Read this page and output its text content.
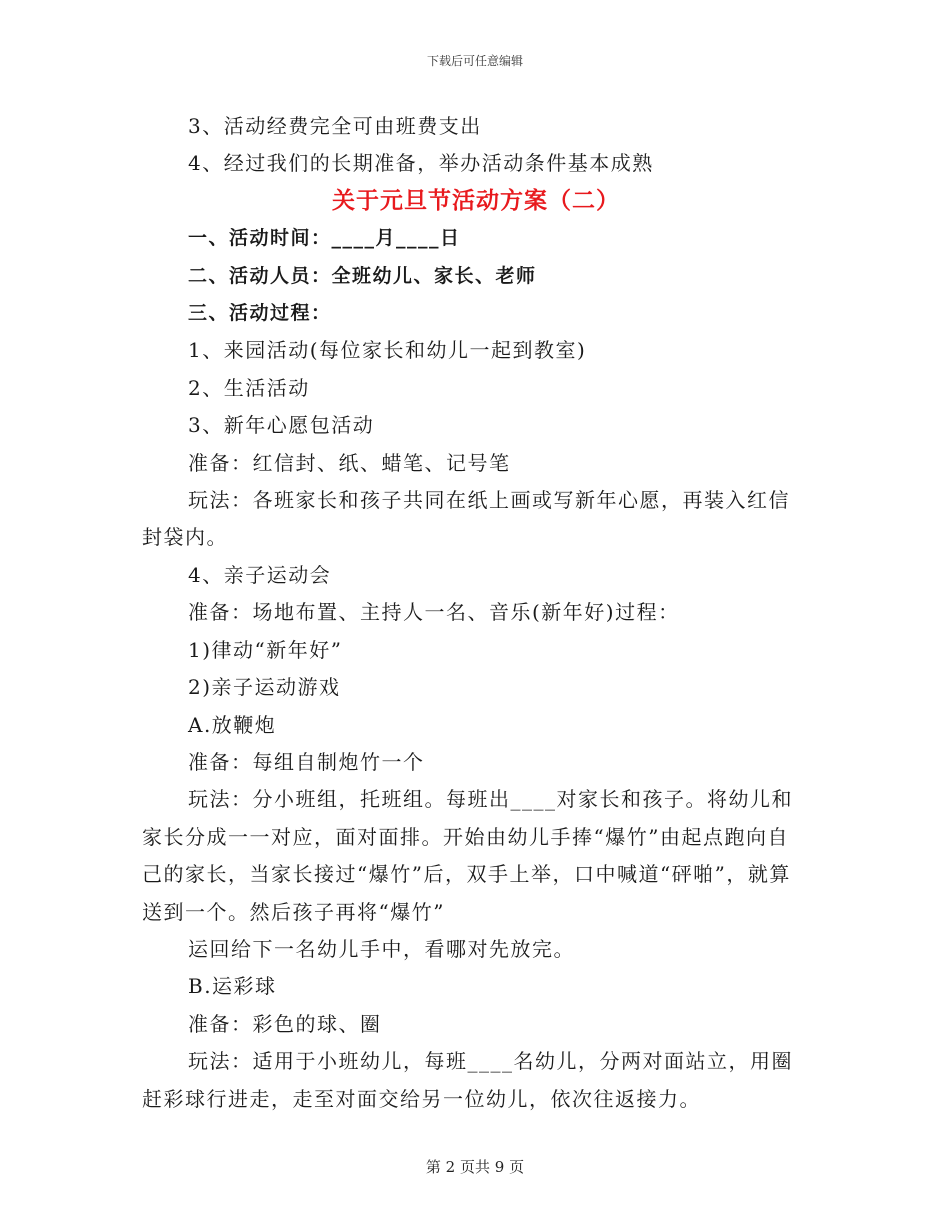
下载后可任意编辑

3、活动经费完全可由班费支出

4、经过我们的长期准备，举办活动条件基本成熟

关于元旦节活动方案（二）

一、活动时间：____月____日

二、活动人员：全班幼儿、家长、老师

三、活动过程：

1、来园活动(每位家长和幼儿一起到教室)

2、生活活动

3、新年心愿包活动

准备：红信封、纸、蜡笔、记号笔

玩法：各班家长和孩子共同在纸上画或写新年心愿，再装入红信封袋内。

4、亲子运动会

准备：场地布置、主持人一名、音乐(新年好)过程：

1)律动“新年好”

2)亲子运动游戏

A.放鞭炮

准备：每组自制炮竹一个

玩法：分小班组，托班组。每班出____对家长和孩子。将幼儿和家长分成一一对应，面对面排。开始由幼儿手捧“爆竹”由起点跑向自己的家长，当家长接过“爆竹”后，双手上举，口中喊道“砰啪”，就算送到一个。然后孩子再将“爆竹”

运回给下一名幼儿手中，看哪对先放完。

B.运彩球

准备：彩色的球、圈

玩法：适用于小班幼儿，每班____名幼儿，分两对面站立，用圈赶彩球行进走，走至对面交给另一位幼儿，依次往返接力。

第 2 页共 9 页
